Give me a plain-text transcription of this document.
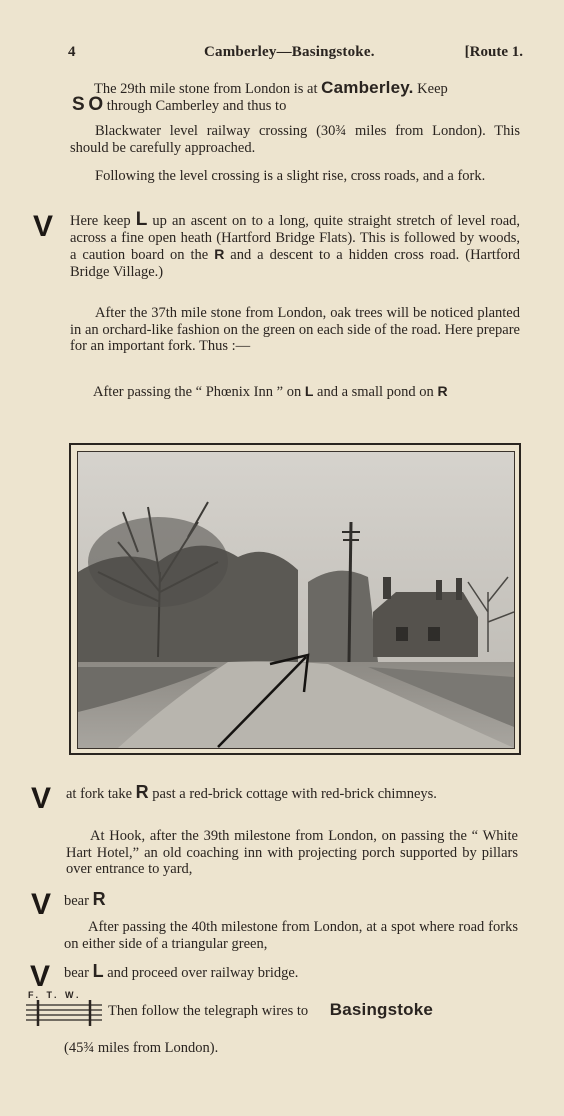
4	Camberley—Basingstoke.	[Route 1.
The 29th mile stone from London is at Camberley. Keep
S O through Camberley and thus to

Blackwater level railway crossing (30¾ miles from London). This should be carefully approached.

Following the level crossing is a slight rise, cross roads, and a fork.

V Here keep L up an ascent on to a long, quite straight stretch of level road, across a fine open heath (Hartford Bridge Flats). This is followed by woods, a caution board on the R and a descent to a hidden cross road. (Hartford Bridge Village.)

After the 37th mile stone from London, oak trees will be noticed planted in an orchard-like fashion on the green on each side of the road. Here prepare for an important fork. Thus :—

After passing the “ Phœnix Inn ” on L and a small pond on R
V at fork take R past a red-brick cottage with red-brick chimneys.

At Hook, after the 39th milestone from London, on passing the “ White Hart Hotel,” an old coaching inn with projecting porch supported by pillars over entrance to yard,

V bear R

After passing the 40th milestone from London, at a spot where road forks on either side of a triangular green,

V bear L and proceed over railway bridge.
F. T. W.
Then follow the telegraph wires to Basingstoke
(45¾ miles from London).
